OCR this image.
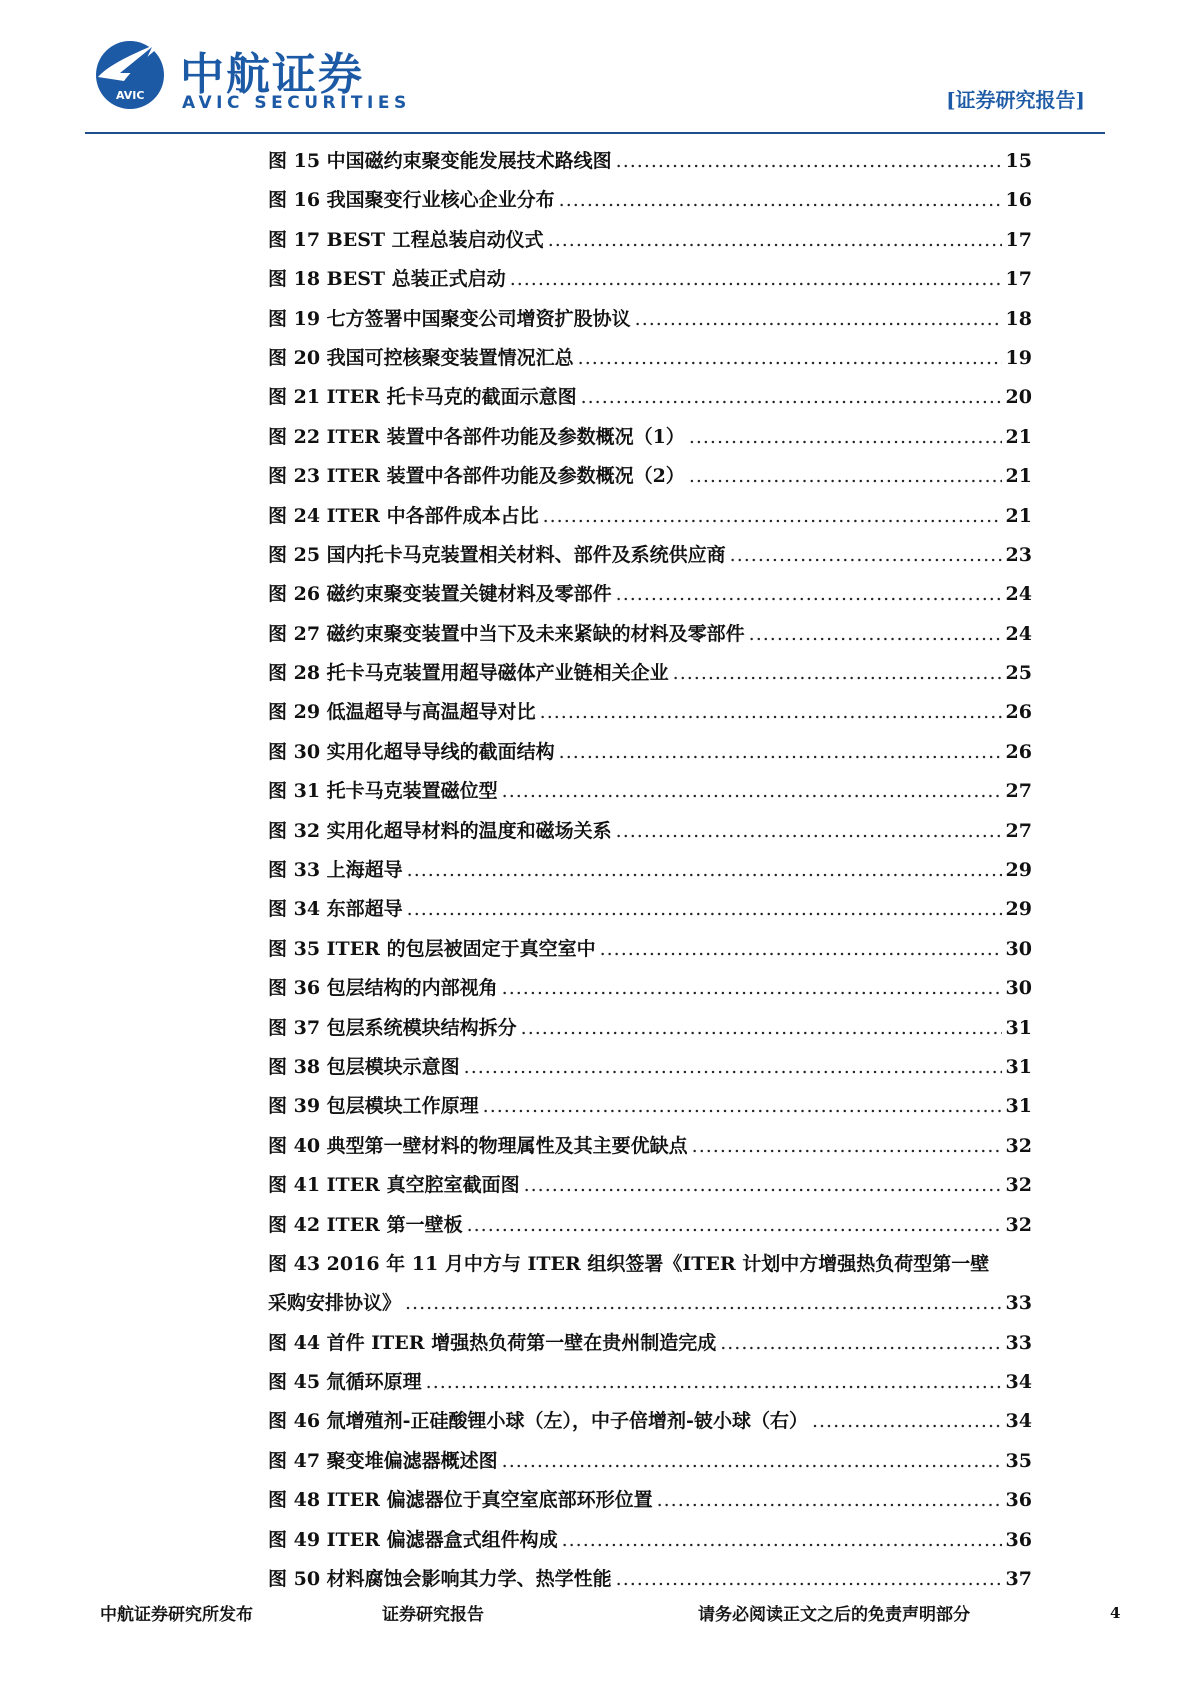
AVIC 中航证券
AVIC SECURITIES	[证券研究报告]
图 15 中国磁约束聚变能发展技术路线图 .....	15
图 16 我国聚变行业核心企业分布 .....	16
图 17 BEST 工程总装启动仪式 .....	17
图 18 BEST 总装正式启动 .....	17
图 19 七方签署中国聚变公司增资扩股协议 .....	18
图 20 我国可控核聚变装置情况汇总 .....	19
图 21 ITER 托卡马克的截面示意图 .....	20
图 22 ITER 装置中各部件功能及参数概况（1） .....	21
图 23 ITER 装置中各部件功能及参数概况（2） .....	21
图 24 ITER 中各部件成本占比 .....	21
图 25 国内托卡马克装置相关材料、部件及系统供应商 .....	23
图 26 磁约束聚变装置关键材料及零部件 .....	24
图 27 磁约束聚变装置中当下及未来紧缺的材料及零部件 .....	24
图 28 托卡马克装置用超导磁体产业链相关企业 .....	25
图 29 低温超导与高温超导对比 .....	26
图 30 实用化超导导线的截面结构 .....	26
图 31 托卡马克装置磁位型 .....	27
图 32 实用化超导材料的温度和磁场关系 .....	27
图 33 上海超导 .....	29
图 34 东部超导 .....	29
图 35 ITER 的包层被固定于真空室中 .....	30
图 36 包层结构的内部视角 .....	30
图 37 包层系统模块结构拆分 .....	31
图 38 包层模块示意图 .....	31
图 39 包层模块工作原理 .....	31
图 40 典型第一壁材料的物理属性及其主要优缺点 .....	32
图 41 ITER 真空腔室截面图 .....	32
图 42 ITER 第一壁板 .....	32
图 43 2016 年 11 月中方与 ITER 组织签署《ITER 计划中方增强热负荷型第一壁
采购安排协议》 .....	33
图 44 首件 ITER 增强热负荷第一壁在贵州制造完成 .....	33
图 45 氚循环原理 .....	34
图 46 氚增殖剂-正硅酸锂小球（左），中子倍增剂-铍小球（右） .....	34
图 47 聚变堆偏滤器概述图 .....	35
图 48 ITER 偏滤器位于真空室底部环形位置 .....	36
图 49 ITER 偏滤器盒式组件构成 .....	36
图 50 材料腐蚀会影响其力学、热学性能 .....	37
中航证券研究所发布	证券研究报告	请务必阅读正文之后的免责声明部分	4
